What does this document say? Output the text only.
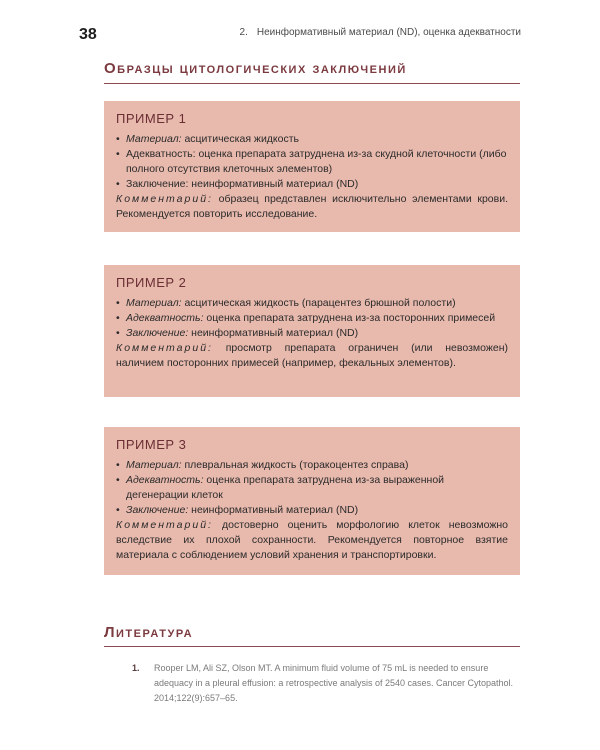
38	2. Неинформативный материал (ND), оценка адекватности
Образцы цитологических заключений
ПРИМЕР 1
• Материал: асцитическая жидкость
• Адекватность: оценка препарата затруднена из-за скудной клеточности (либо полного отсутствия клеточных элементов)
• Заключение: неинформативный материал (ND)
Комментарий: образец представлен исключительно элементами крови. Рекомендуется повторить исследование.
ПРИМЕР 2
• Материал: асцитическая жидкость (парацентез брюшной полости)
• Адекватность: оценка препарата затруднена из-за посторонних примесей
• Заключение: неинформативный материал (ND)
Комментарий: просмотр препарата ограничен (или невозможен) наличием посторонних примесей (например, фекальных элементов).
ПРИМЕР 3
• Материал: плевральная жидкость (торакоцентез справа)
• Адекватность: оценка препарата затруднена из-за выраженной дегенерации клеток
• Заключение: неинформативный материал (ND)
Комментарий: достоверно оценить морфологию клеток невозможно вследствие их плохой сохранности. Рекомендуется повторное взятие материала с соблюдением условий хранения и транспортировки.
Литература
1. Rooper LM, Ali SZ, Olson MT. A minimum fluid volume of 75 mL is needed to ensure adequacy in a pleural effusion: a retrospective analysis of 2540 cases. Cancer Cytopathol. 2014;122(9):657–65.
